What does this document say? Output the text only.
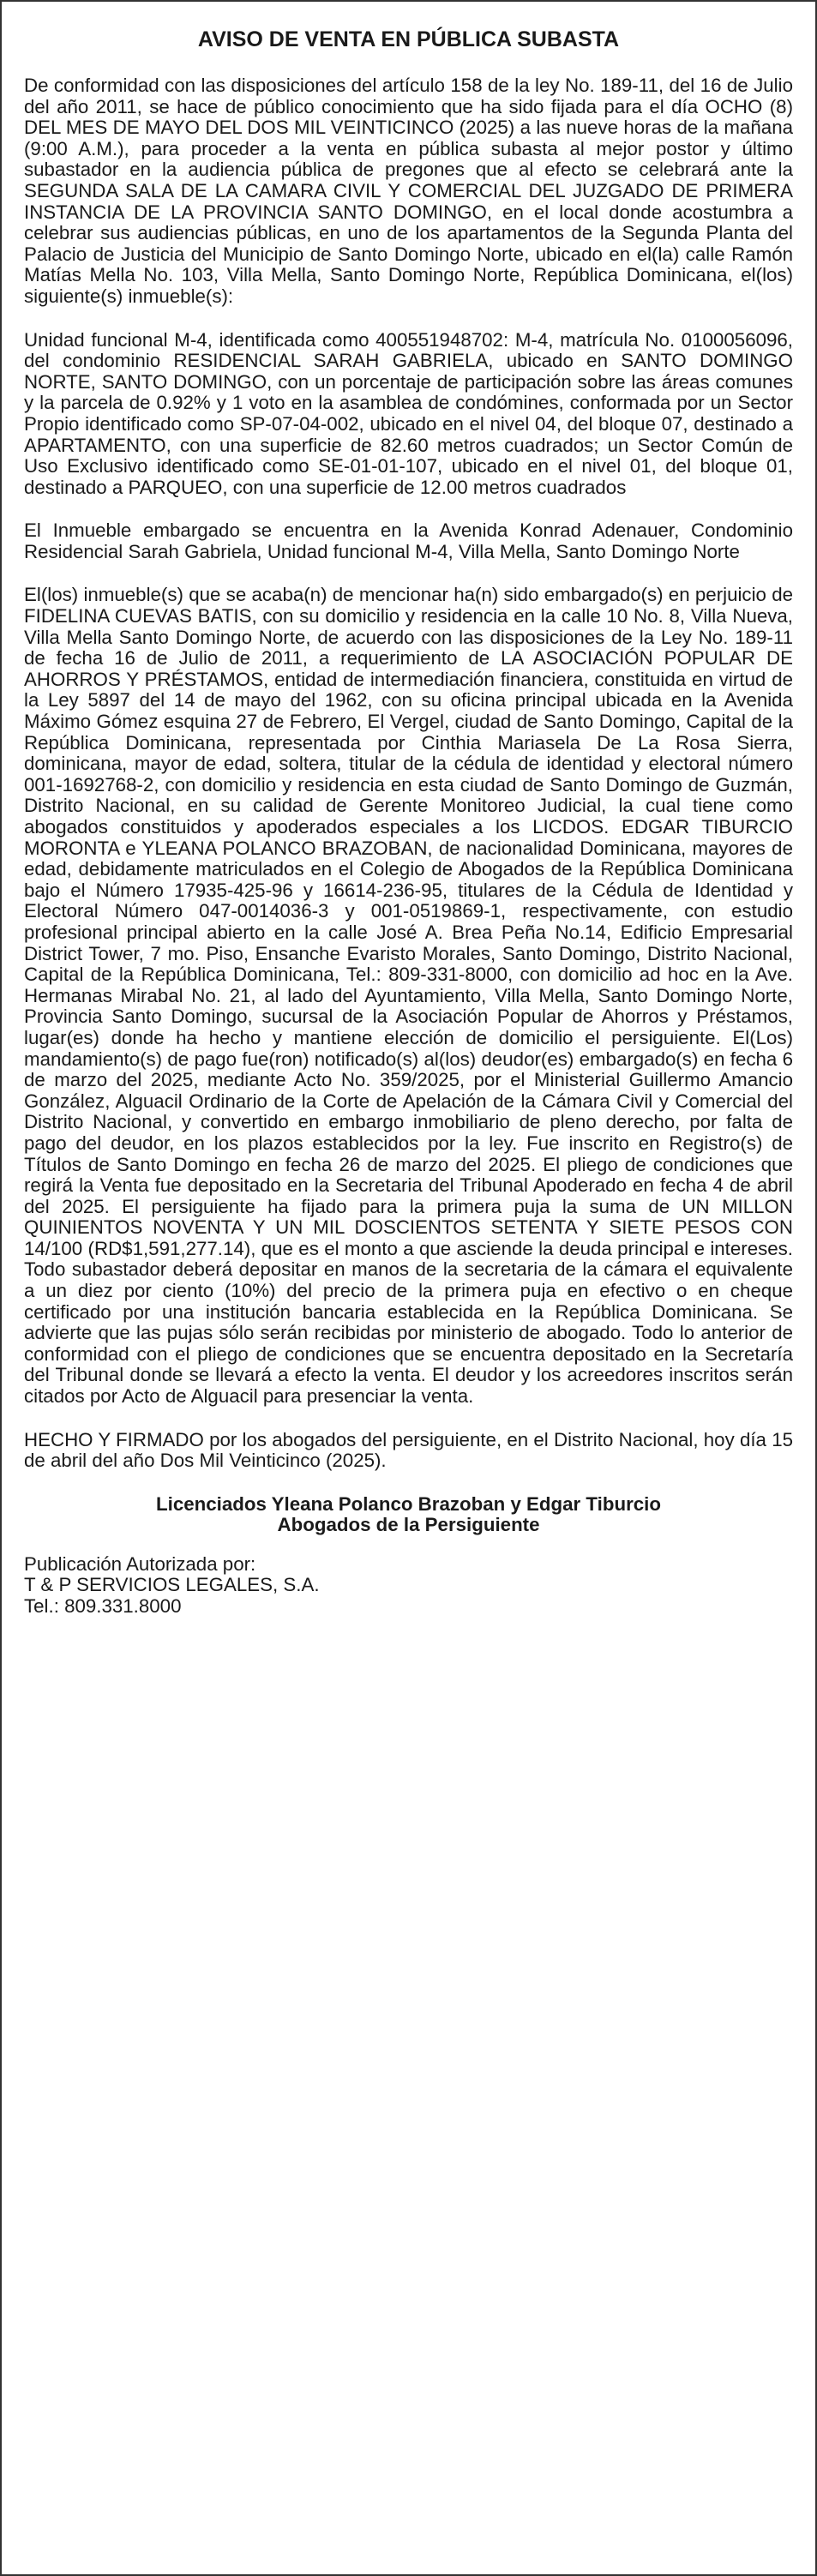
AVISO DE VENTA EN PÚBLICA SUBASTA

De conformidad con las disposiciones del artículo 158 de la ley No. 189-11, del 16 de Julio del año 2011, se hace de público conocimiento que ha sido fijada para el día OCHO (8) DEL MES DE MAYO DEL DOS MIL VEINTICINCO (2025) a las nueve horas de la mañana (9:00 A.M.), para proceder a la venta en pública subasta al mejor postor y último subastador en la audiencia pública de pregones que al efecto se celebrará ante la SEGUNDA SALA DE LA CAMARA CIVIL Y COMERCIAL DEL JUZGADO DE PRIMERA INSTANCIA DE LA PROVINCIA SANTO DOMINGO, en el local donde acostumbra a celebrar sus audiencias públicas, en uno de los apartamentos de la Segunda Planta del Palacio de Justicia del Municipio de Santo Domingo Norte, ubicado en el(la) calle Ramón Matías Mella No. 103, Villa Mella, Santo Domingo Norte, República Dominicana, el(los) siguiente(s) inmueble(s):

Unidad funcional M-4, identificada como 400551948702: M-4, matrícula No. 0100056096, del condominio RESIDENCIAL SARAH GABRIELA, ubicado en SANTO DOMINGO NORTE, SANTO DOMINGO, con un porcentaje de participación sobre las áreas comunes y la parcela de 0.92% y 1 voto en la asamblea de condómines, conformada por un Sector Propio identificado como SP-07-04-002, ubicado en el nivel 04, del bloque 07, destinado a APARTAMENTO, con una superficie de 82.60 metros cuadrados; un Sector Común de Uso Exclusivo identificado como SE-01-01-107, ubicado en el nivel 01, del bloque 01, destinado a PARQUEO, con una superficie de 12.00 metros cuadrados

El Inmueble embargado se encuentra en la Avenida Konrad Adenauer, Condominio Residencial Sarah Gabriela, Unidad funcional M-4, Villa Mella, Santo Domingo Norte

El(los) inmueble(s) que se acaba(n) de mencionar ha(n) sido embargado(s) en perjuicio de FIDELINA CUEVAS BATIS, con su domicilio y residencia en la calle 10 No. 8, Villa Nueva, Villa Mella Santo Domingo Norte, de acuerdo con las disposiciones de la Ley No. 189-11 de fecha 16 de Julio de 2011, a requerimiento de LA ASOCIACIÓN POPULAR DE AHORROS Y PRÉSTAMOS, entidad de intermediación financiera, constituida en virtud de la Ley 5897 del 14 de mayo del 1962, con su oficina principal ubicada en la Avenida Máximo Gómez esquina 27 de Febrero, El Vergel, ciudad de Santo Domingo, Capital de la República Dominicana, representada por Cinthia Mariasela De La Rosa Sierra, dominicana, mayor de edad, soltera, titular de la cédula de identidad y electoral número 001-1692768-2, con domicilio y residencia en esta ciudad de Santo Domingo de Guzmán, Distrito Nacional, en su calidad de Gerente Monitoreo Judicial, la cual tiene como abogados constituidos y apoderados especiales a los LICDOS. EDGAR TIBURCIO MORONTA e YLEANA POLANCO BRAZOBAN, de nacionalidad Dominicana, mayores de edad, debidamente matriculados en el Colegio de Abogados de la República Dominicana bajo el Número 17935-425-96 y 16614-236-95, titulares de la Cédula de Identidad y Electoral Número 047-0014036-3 y 001-0519869-1, respectivamente, con estudio profesional principal abierto en la calle José A. Brea Peña No.14, Edificio Empresarial District Tower, 7 mo. Piso, Ensanche Evaristo Morales, Santo Domingo, Distrito Nacional, Capital de la República Dominicana, Tel.: 809-331-8000, con domicilio ad hoc en la Ave. Hermanas Mirabal No. 21, al lado del Ayuntamiento, Villa Mella, Santo Domingo Norte, Provincia Santo Domingo, sucursal de la Asociación Popular de Ahorros y Préstamos, lugar(es) donde ha hecho y mantiene elección de domicilio el persiguiente. El(Los) mandamiento(s) de pago fue(ron) notificado(s) al(los) deudor(es) embargado(s) en fecha 6 de marzo del 2025, mediante Acto No. 359/2025, por el Ministerial Guillermo Amancio González, Alguacil Ordinario de la Corte de Apelación de la Cámara Civil y Comercial del Distrito Nacional, y convertido en embargo inmobiliario de pleno derecho, por falta de pago del deudor, en los plazos establecidos por la ley. Fue inscrito en Registro(s) de Títulos de Santo Domingo en fecha 26 de marzo del 2025. El pliego de condiciones que regirá la Venta fue depositado en la Secretaria del Tribunal Apoderado en fecha 4 de abril del 2025. El persiguiente ha fijado para la primera puja la suma de UN MILLON QUINIENTOS NOVENTA Y UN MIL DOSCIENTOS SETENTA Y SIETE PESOS CON 14/100 (RD$1,591,277.14), que es el monto a que asciende la deuda principal e intereses. Todo subastador deberá depositar en manos de la secretaria de la cámara el equivalente a un diez por ciento (10%) del precio de la primera puja en efectivo o en cheque certificado por una institución bancaria establecida en la República Dominicana. Se advierte que las pujas sólo serán recibidas por ministerio de abogado. Todo lo anterior de conformidad con el pliego de condiciones que se encuentra depositado en la Secretaría del Tribunal donde se llevará a efecto la venta. El deudor y los acreedores inscritos serán citados por Acto de Alguacil para presenciar la venta.

HECHO Y FIRMADO por los abogados del persiguiente, en el Distrito Nacional, hoy día 15 de abril del año Dos Mil Veinticinco (2025).

Licenciados Yleana Polanco Brazoban y Edgar Tiburcio
Abogados de la Persiguiente
Publicación Autorizada por:
T & P SERVICIOS LEGALES, S.A.
Tel.: 809.331.8000
